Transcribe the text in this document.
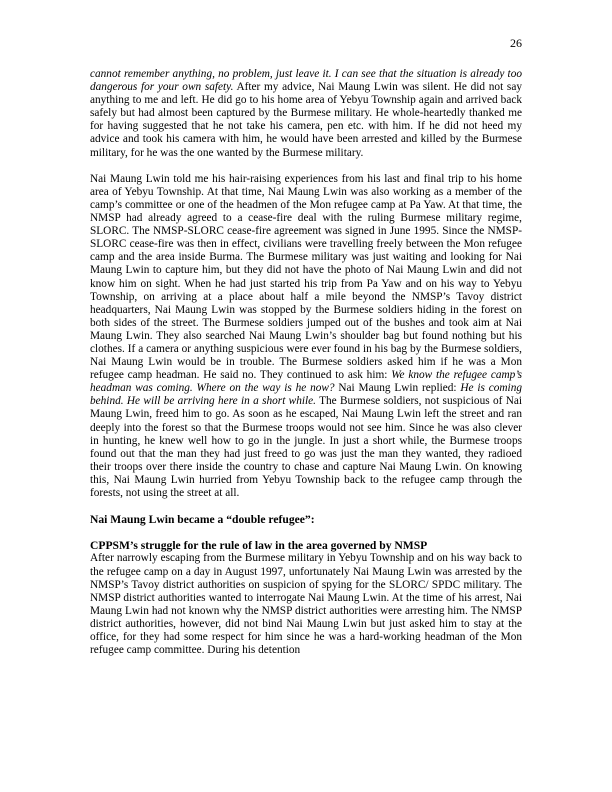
26

cannot remember anything, no problem, just leave it. I can see that the situation is already too dangerous for your own safety. After my advice, Nai Maung Lwin was silent. He did not say anything to me and left. He did go to his home area of Yebyu Township again and arrived back safely but had almost been captured by the Burmese military. He whole-heartedly thanked me for having suggested that he not take his camera, pen etc. with him. If he did not heed my advice and took his camera with him, he would have been arrested and killed by the Burmese military, for he was the one wanted by the Burmese military.

Nai Maung Lwin told me his hair-raising experiences from his last and final trip to his home area of Yebyu Township. At that time, Nai Maung Lwin was also working as a member of the camp’s committee or one of the headmen of the Mon refugee camp at Pa Yaw. At that time, the NMSP had already agreed to a cease-fire deal with the ruling Burmese military regime, SLORC. The NMSP-SLORC cease-fire agreement was signed in June 1995. Since the NMSP-SLORC cease-fire was then in effect, civilians were travelling freely between the Mon refugee camp and the area inside Burma. The Burmese military was just waiting and looking for Nai Maung Lwin to capture him, but they did not have the photo of Nai Maung Lwin and did not know him on sight. When he had just started his trip from Pa Yaw and on his way to Yebyu Township, on arriving at a place about half a mile beyond the NMSP’s Tavoy district headquarters, Nai Maung Lwin was stopped by the Burmese soldiers hiding in the forest on both sides of the street. The Burmese soldiers jumped out of the bushes and took aim at Nai Maung Lwin. They also searched Nai Maung Lwin’s shoulder bag but found nothing but his clothes. If a camera or anything suspicious were ever found in his bag by the Burmese soldiers, Nai Maung Lwin would be in trouble. The Burmese soldiers asked him if he was a Mon refugee camp headman. He said no. They continued to ask him: We know the refugee camp’s headman was coming. Where on the way is he now? Nai Maung Lwin replied: He is coming behind. He will be arriving here in a short while. The Burmese soldiers, not suspicious of Nai Maung Lwin, freed him to go. As soon as he escaped, Nai Maung Lwin left the street and ran deeply into the forest so that the Burmese troops would not see him. Since he was also clever in hunting, he knew well how to go in the jungle. In just a short while, the Burmese troops found out that the man they had just freed to go was just the man they wanted, they radioed their troops over there inside the country to chase and capture Nai Maung Lwin. On knowing this, Nai Maung Lwin hurried from Yebyu Township back to the refugee camp through the forests, not using the street at all.

Nai Maung Lwin became a “double refugee”:

CPPSM’s struggle for the rule of law in the area governed by NMSP

After narrowly escaping from the Burmese military in Yebyu Township and on his way back to the refugee camp on a day in August 1997, unfortunately Nai Maung Lwin was arrested by the NMSP’s Tavoy district authorities on suspicion of spying for the SLORC/ SPDC military. The NMSP district authorities wanted to interrogate Nai Maung Lwin. At the time of his arrest, Nai Maung Lwin had not known why the NMSP district authorities were arresting him. The NMSP district authorities, however, did not bind Nai Maung Lwin but just asked him to stay at the office, for they had some respect for him since he was a hard-working headman of the Mon refugee camp committee. During his detention
